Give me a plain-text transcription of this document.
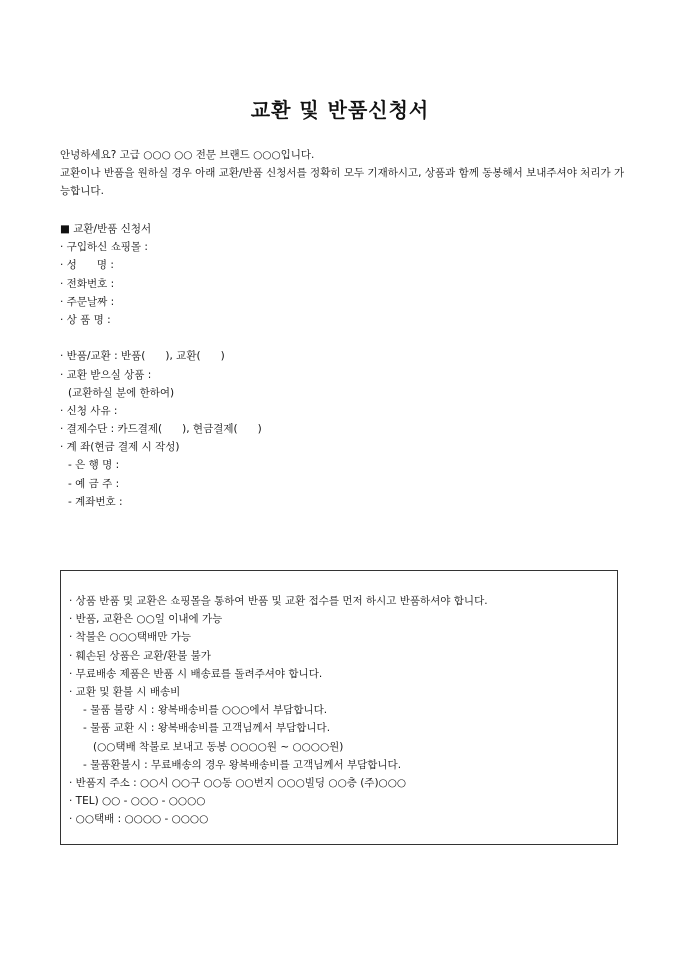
교환 및 반품신청서

안녕하세요? 고급 ○○○ ○○ 전문 브랜드 ○○○입니다.

교환이나 반품을 원하실 경우 아래 교환/반품 신청서를 정확히 모두 기재하시고, 상품과 함께 동봉해서 보내주셔야 처리가 가능합니다.

■ 교환/반품 신청서
· 구입하신 쇼핑몰 :
· 성      명 :
· 전화번호 :
· 주문날짜 :
· 상 품 명 :
· 반품/교환 : 반품(      ), 교환(      )
· 교환 받으실 상품 :
(교환하실 분에 한하여)
· 신청 사유 :
· 결제수단 : 카드결제(      ), 현금결제(      )
· 계 좌(현금 결제 시 작성)
- 은 행 명 :
- 예 금 주 :
- 계좌번호 :
· 상품 반품 및 교환은 쇼핑몰을 통하여 반품 및 교환 접수를 먼저 하시고 반품하셔야 합니다.
· 반품, 교환은 ○○일 이내에 가능
· 착불은 ○○○택배만 가능
· 훼손된 상품은 교환/환불 불가
· 무료배송 제품은 반품 시 배송료를 돌려주셔야 합니다.
· 교환 및 환불 시 배송비
- 물품 불량 시 : 왕복배송비를 ○○○에서 부담합니다.
- 물품 교환 시 : 왕복배송비를 고객님께서 부담합니다.
(○○택배 착불로 보내고 동봉 ○○○○원 ~ ○○○○원)
- 물품환불시 : 무료배송의 경우 왕복배송비를 고객님께서 부담합니다.
· 반품지 주소 : ○○시 ○○구 ○○동 ○○번지 ○○○빌딩 ○○층 (주)○○○
· TEL) ○○ - ○○○ - ○○○○
· ○○택배 : ○○○○ - ○○○○
